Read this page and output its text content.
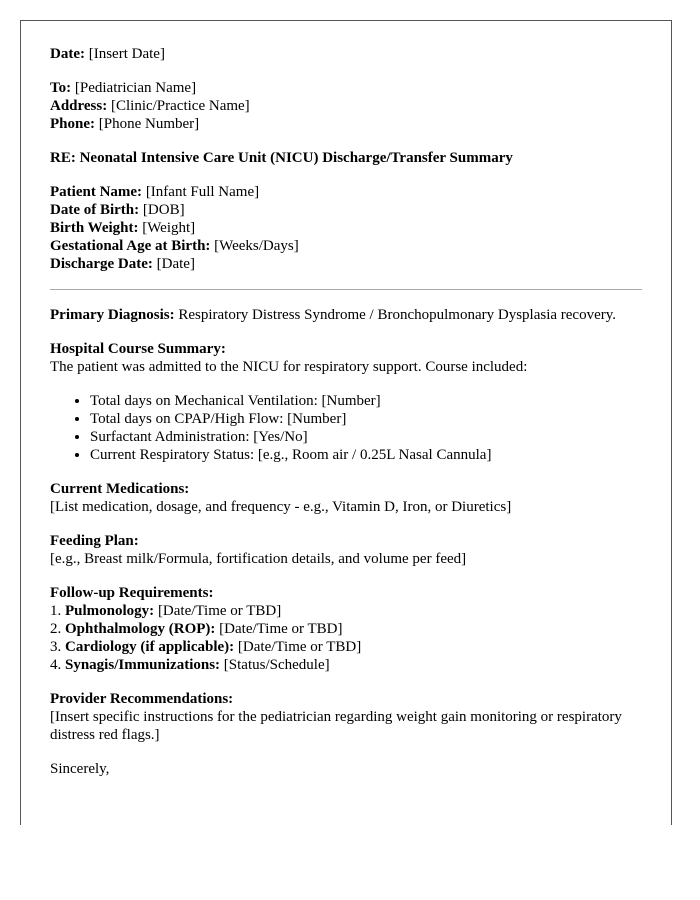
Date: [Insert Date]
To: [Pediatrician Name]
Address: [Clinic/Practice Name]
Phone: [Phone Number]
RE: Neonatal Intensive Care Unit (NICU) Discharge/Transfer Summary
Patient Name: [Infant Full Name]
Date of Birth: [DOB]
Birth Weight: [Weight]
Gestational Age at Birth: [Weeks/Days]
Discharge Date: [Date]
Primary Diagnosis: Respiratory Distress Syndrome / Bronchopulmonary Dysplasia recovery.
Hospital Course Summary:
The patient was admitted to the NICU for respiratory support. Course included:
• Total days on Mechanical Ventilation: [Number]
• Total days on CPAP/High Flow: [Number]
• Surfactant Administration: [Yes/No]
• Current Respiratory Status: [e.g., Room air / 0.25L Nasal Cannula]
Current Medications:
[List medication, dosage, and frequency - e.g., Vitamin D, Iron, or Diuretics]
Feeding Plan:
[e.g., Breast milk/Formula, fortification details, and volume per feed]
Follow-up Requirements:
1. Pulmonology: [Date/Time or TBD]
2. Ophthalmology (ROP): [Date/Time or TBD]
3. Cardiology (if applicable): [Date/Time or TBD]
4. Synagis/Immunizations: [Status/Schedule]
Provider Recommendations:
[Insert specific instructions for the pediatrician regarding weight gain monitoring or respiratory distress red flags.]
Sincerely,
